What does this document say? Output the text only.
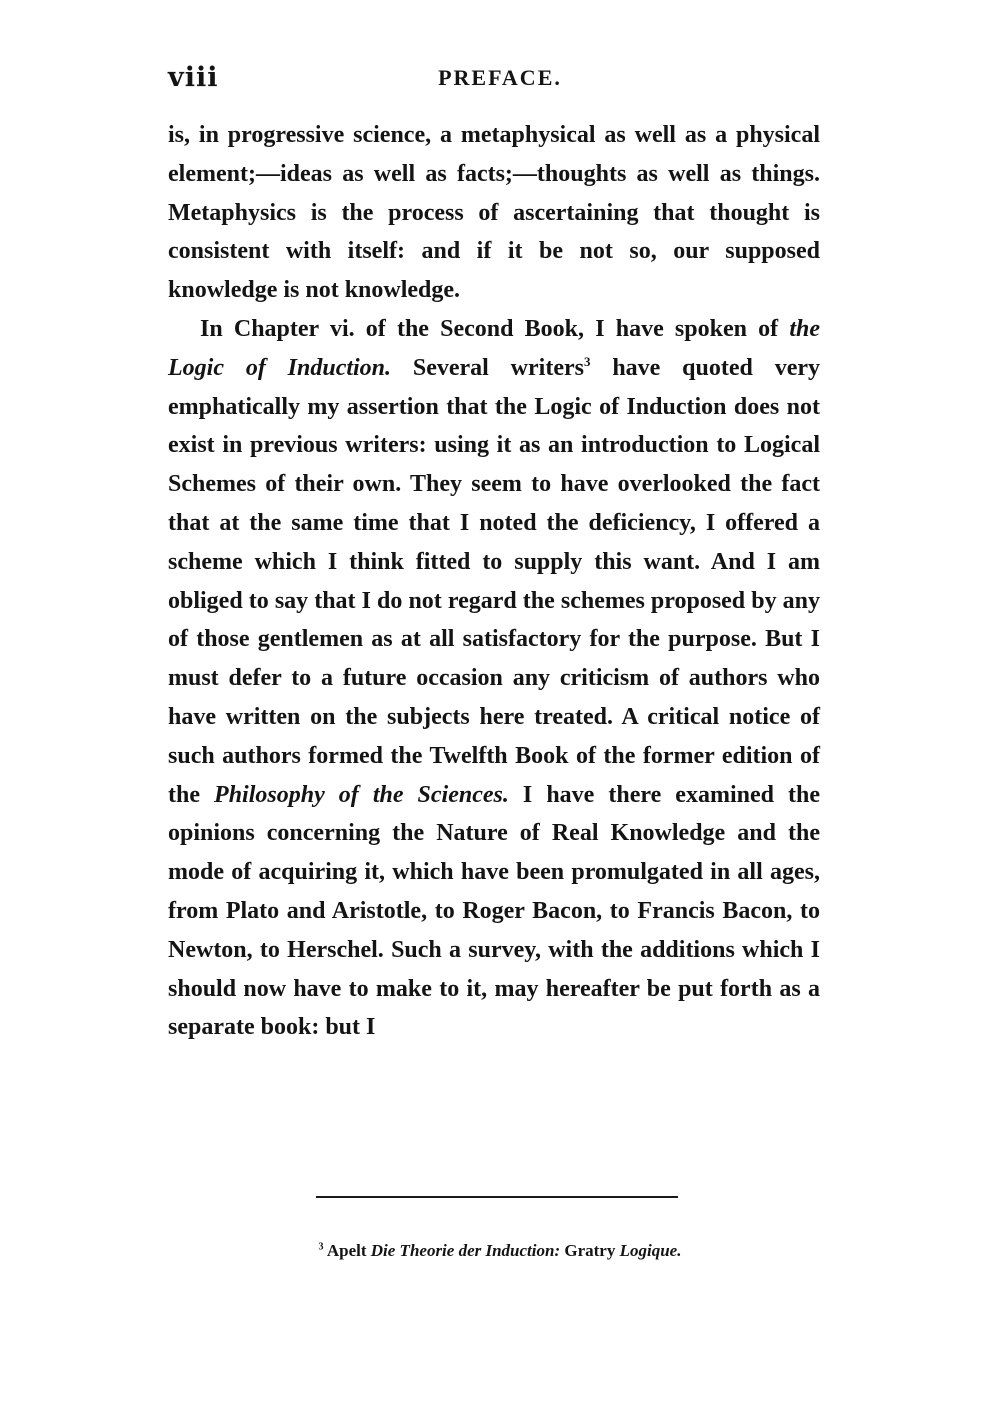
viii	PREFACE.

is, in progressive science, a metaphysical as well as a physical element;—ideas as well as facts;—thoughts as well as things. Metaphysics is the process of ascertaining that thought is consistent with itself: and if it be not so, our supposed knowledge is not knowledge.

In Chapter vi. of the Second Book, I have spoken of the Logic of Induction. Several writers$^3$ have quoted very emphatically my assertion that the Logic of Induction does not exist in previous writers: using it as an introduction to Logical Schemes of their own. They seem to have overlooked the fact that at the same time that I noted the deficiency, I offered a scheme which I think fitted to supply this want. And I am obliged to say that I do not regard the schemes proposed by any of those gentlemen as at all satisfactory for the purpose. But I must defer to a future occasion any criticism of authors who have written on the subjects here treated. A critical notice of such authors formed the Twelfth Book of the former edition of the Philosophy of the Sciences. I have there examined the opinions concerning the Nature of Real Knowledge and the mode of acquiring it, which have been promulgated in all ages, from Plato and Aristotle, to Roger Bacon, to Francis Bacon, to Newton, to Herschel. Such a survey, with the additions which I should now have to make to it, may hereafter be put forth as a separate book: but I

$^3$ Apelt Die Theorie der Induction: Gratry Logique.
